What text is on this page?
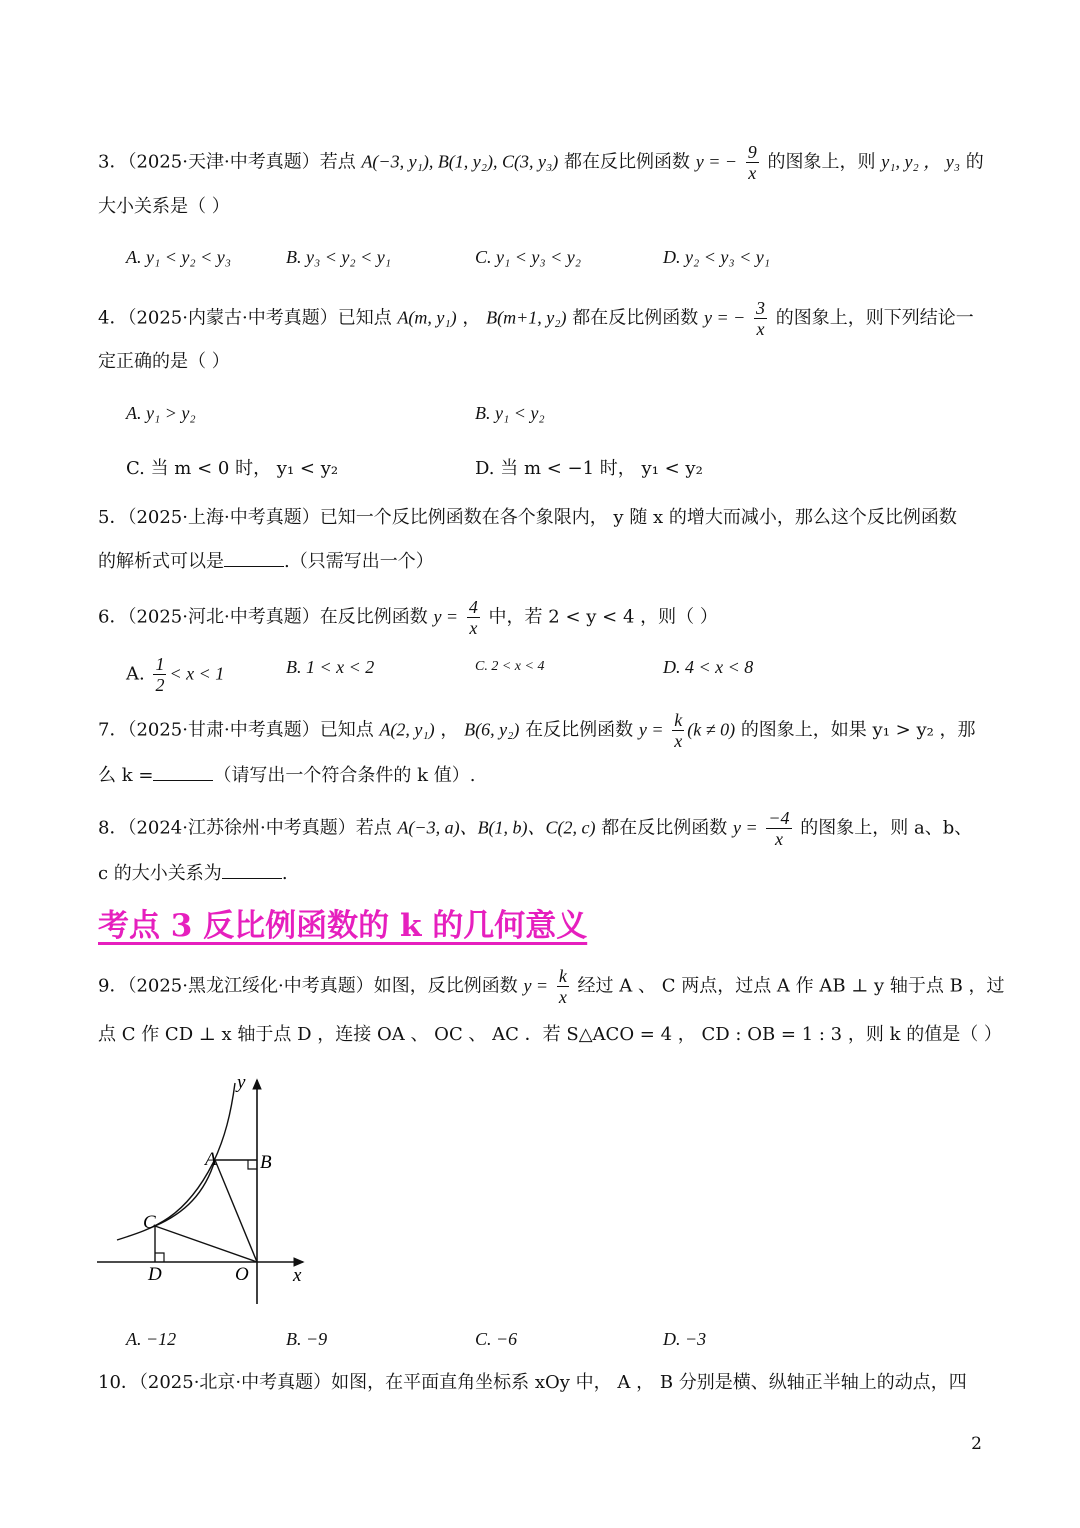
3．（2025·天津·中考真题）若点 A(−3, y₁), B(1, y₂), C(3, y₃) 都在反比例函数 y = − $\frac{9}{x}$ 的图象上，则 y₁, y₂ ， y₃ 的
大小关系是（ ）
A. y₁ < y₂ < y₃	B. y₃ < y₂ < y₁	C. y₁ < y₃ < y₂	D. y₂ < y₃ < y₁
4．（2025·内蒙古·中考真题）已知点 A(m, y₁) ， B(m+1, y₂) 都在反比例函数 y = − $\frac{3}{x}$ 的图象上，则下列结论一
定正确的是（ ）
A. y₁ > y₂	B. y₁ < y₂
C. 当 m < 0 时， y₁ < y₂	D. 当 m < −1 时， y₁ < y₂
5．（2025·上海·中考真题）已知一个反比例函数在各个象限内， y 随 x 的增大而减小，那么这个反比例函数
的解析式可以是	.（只需写出一个）
6．（2025·河北·中考真题）在反比例函数 $y = \frac{4}{x}$ 中，若 2 < y < 4 ，则（ ）
A. $\frac{1}{2} < x < 1$	B. 1 < x < 2	C. 2 < x < 4	D. 4 < x < 8
7．（2025·甘肃·中考真题）已知点 A(2, y₁) ， B(6, y₂) 在反比例函数 $y = \frac{k}{x} (k \ne 0)$ 的图象上，如果 y₁ > y₂ ，那
么 k =	（请写出一个符合条件的 k 值）.
8．（2024·江苏徐州·中考真题）若点 A(−3, a)、B(1, b)、C(2, c) 都在反比例函数 $y = \frac{-4}{x}$ 的图象上，则 a、b、
c 的大小关系为	.
考点 3 反比例函数的 k 的几何意义
9．（2025·黑龙江绥化·中考真题）如图，反比例函数 $y = \frac{k}{x}$ 经过 A 、 C 两点，过点 A 作 AB ⊥ y 轴于点 B ，过
点 C 作 CD ⊥ x 轴于点 D ，连接 OA 、 OC 、 AC ．若 S△ACO = 4 ， CD : OB = 1 : 3 ，则 k 的值是（ ）
y
x
A B
C
D	O
A. −12	B. −9	C. −6	D. −3
10．（2025·北京·中考真题）如图，在平面直角坐标系 xOy 中， A ， B 分别是横、纵轴正半轴上的动点，四
2
